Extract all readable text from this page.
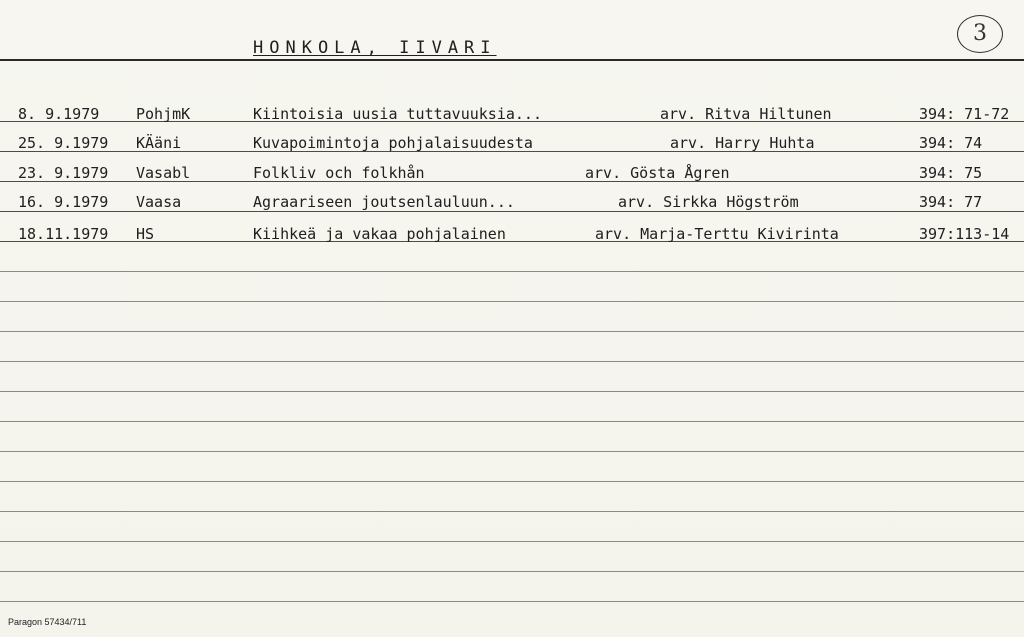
HONKOLA, IIVARI
3
8. 9.1979	PohjmK	Kiintoisia uusia tuttavuuksia...	arv. Ritva Hiltunen	394: 71-72
25. 9.1979	KÄäni	Kuvapoimintoja pohjalaisuudesta	arv. Harry Huhta	394: 74
23. 9.1979	Vasabl	Folkliv och folkhån	arv. Gösta Ågren	394: 75
16. 9.1979	Vaasa	Agraariseen joutsenlauluun...	arv. Sirkka Högström	394: 77
18.11.1979	HS	Kiihkeä ja vakaa pohjalainen	arv. Marja-Terttu Kivirinta	397:113-14
Paragon 57434/711
